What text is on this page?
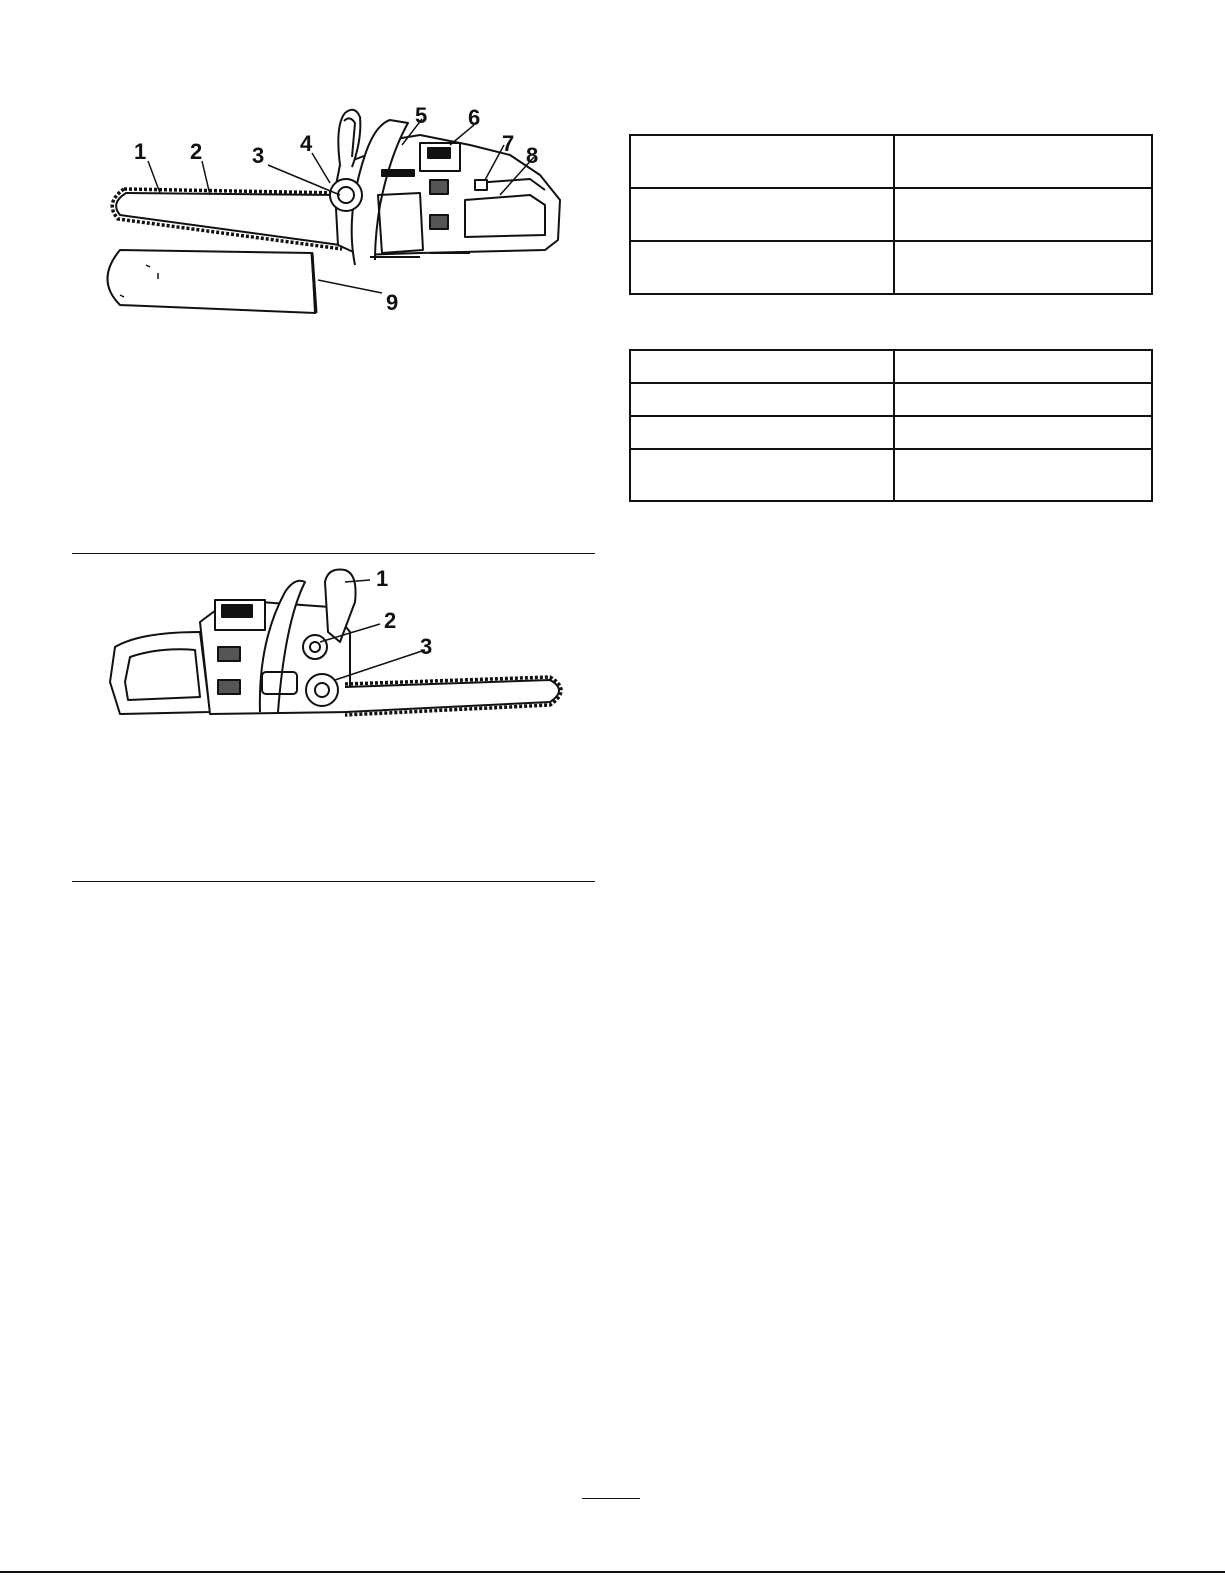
1 2 3 4
5 6
7 8
9
1
2
3
